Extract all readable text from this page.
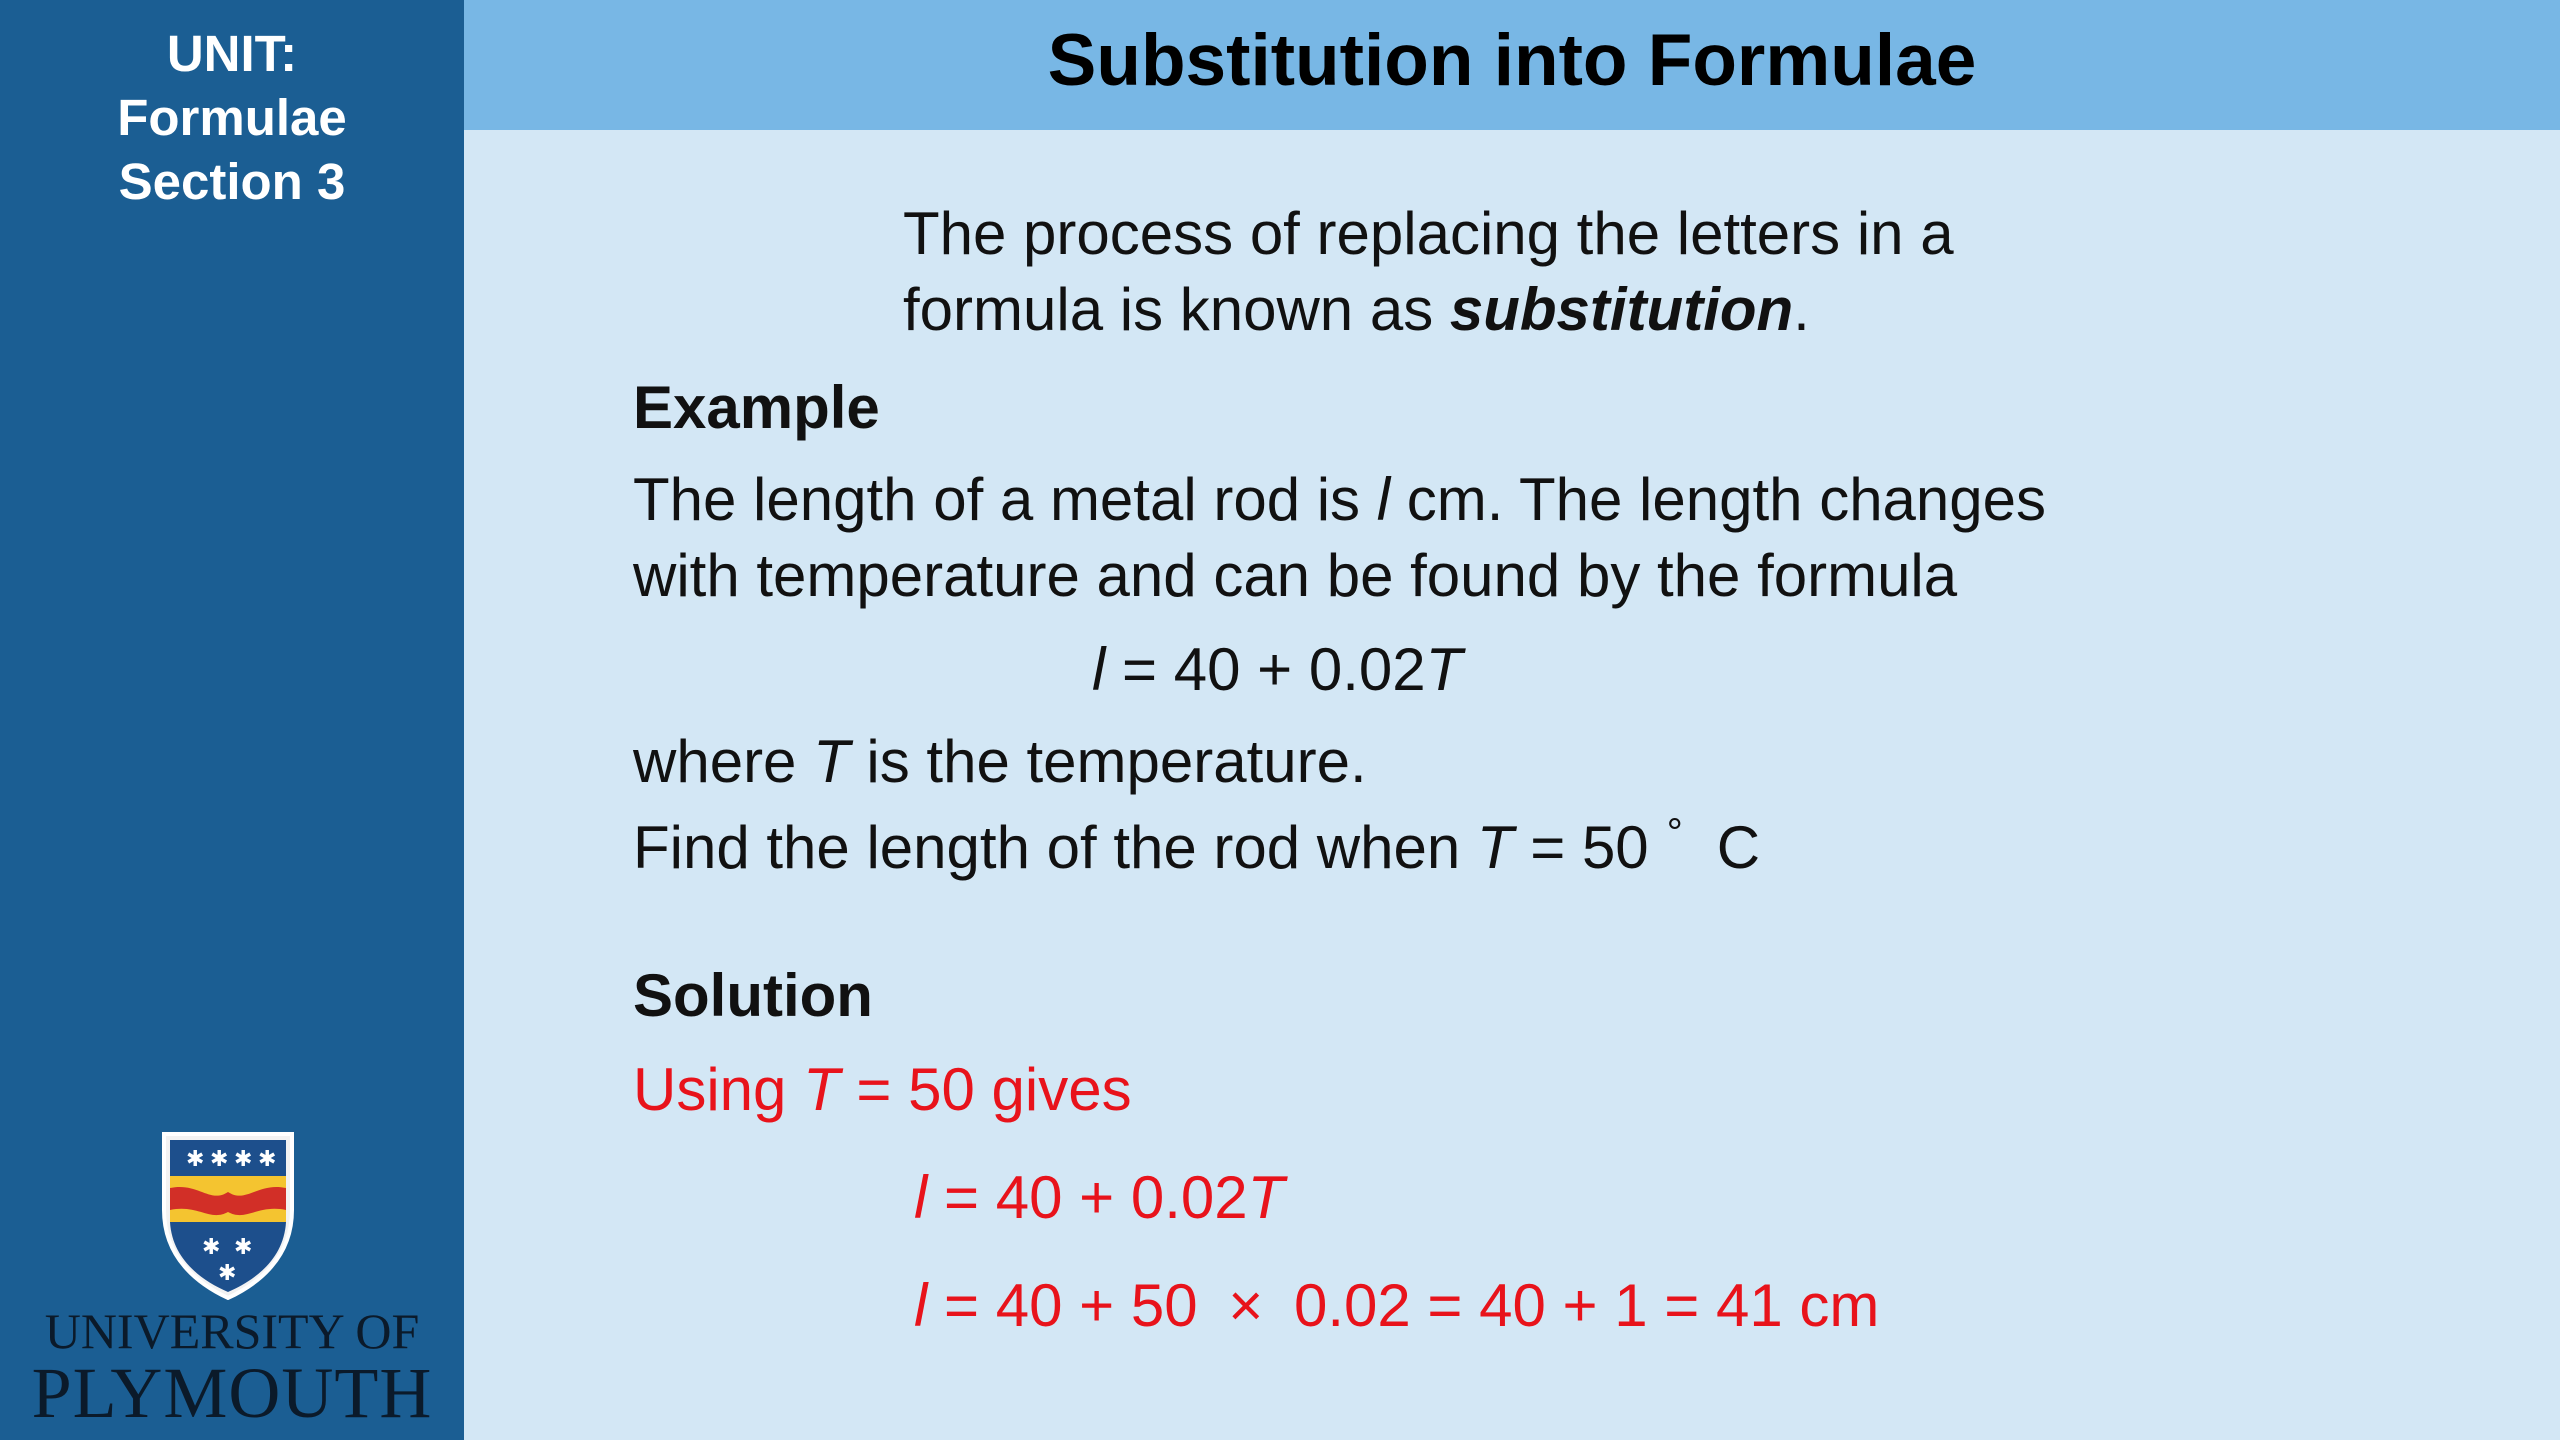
UNIT:
Formulae
Section 3
✱ ✱ ✱ ✱
✱ ✱
✱
UNIVERSITY OF
PLYMOUTH
Substitution into Formulae
The process of replacing the letters in a
formula is known as substitution.
Example
The length of a metal rod is l cm. The length changes
with temperature and can be found by the formula
l = 40 + 0.02T
where T is the temperature.
Find the length of the rod when T = 50 ° C
Solution
Using T = 50 gives
l = 40 + 0.02T
l = 40 + 50 × 0.02 = 40 + 1 = 41 cm
